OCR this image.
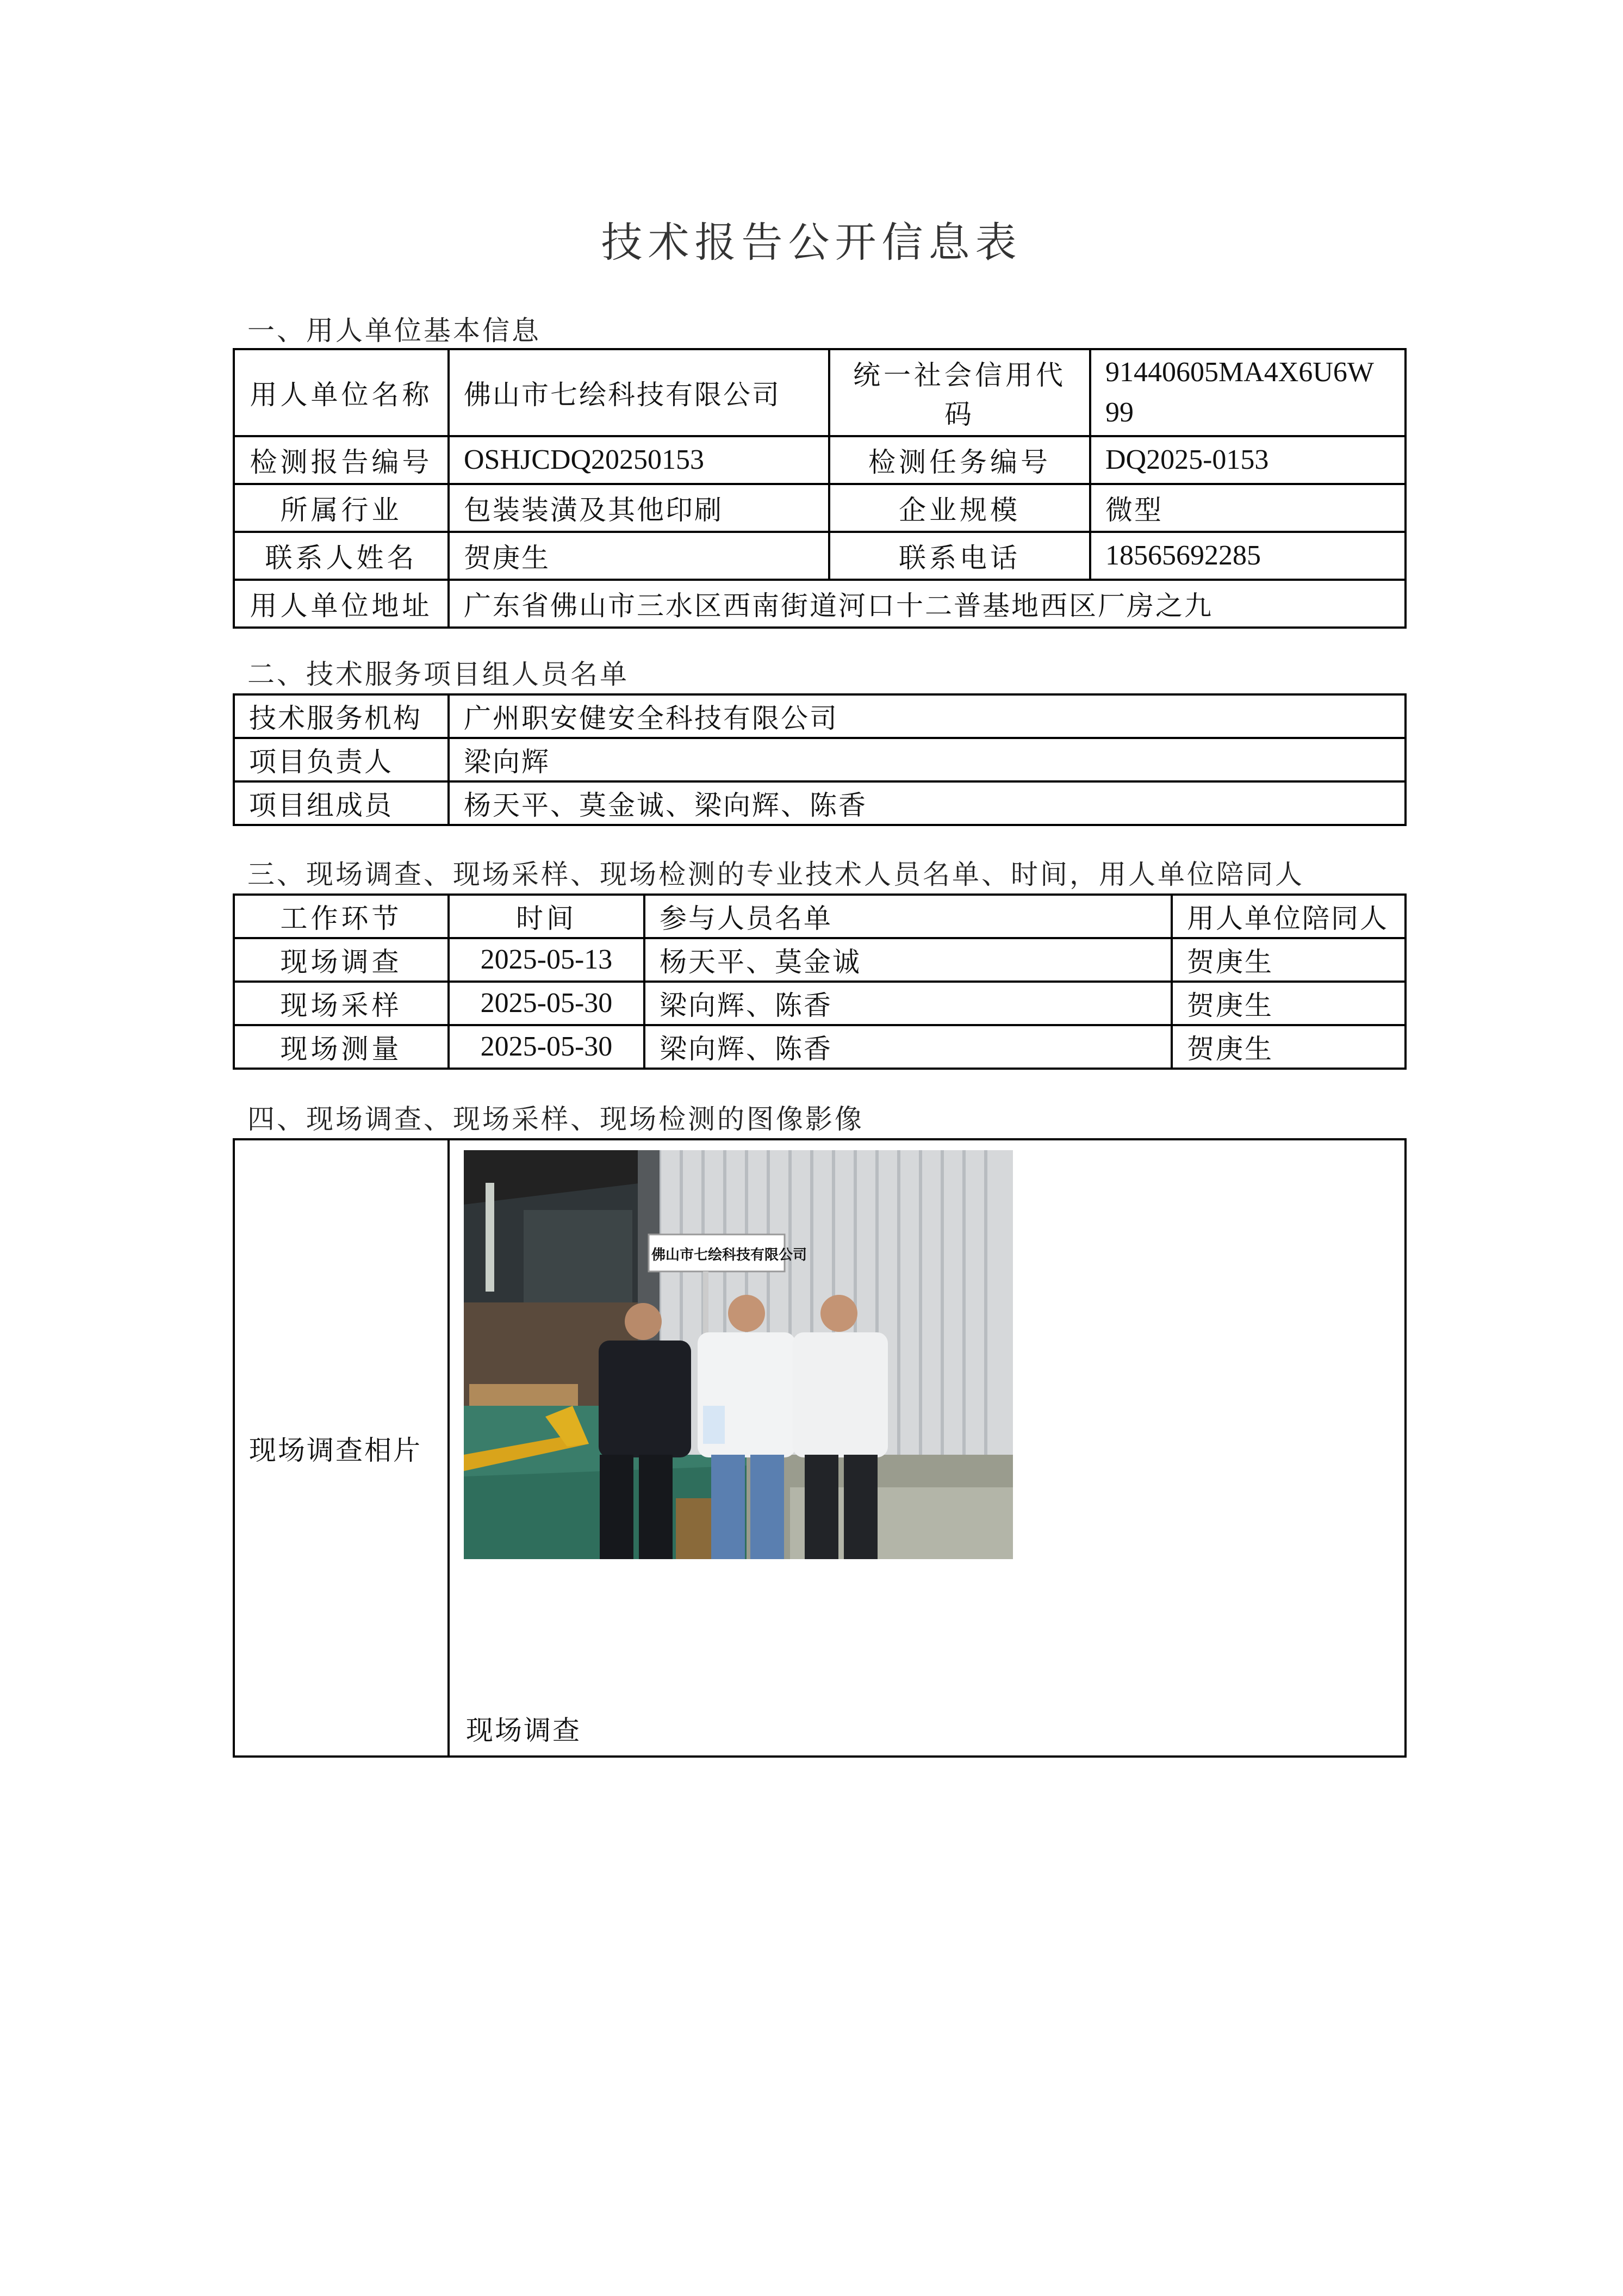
技术报告公开信息表
一、用人单位基本信息
用人单位名称	佛山市七绘科技有限公司	统一社会信用代码	91440605MA4X6U6W
99
检测报告编号	OSHJCDQ20250153	检测任务编号	DQ2025-0153
所属行业	包装装潢及其他印刷	企业规模	微型
联系人姓名	贺庚生	联系电话	18565692285
用人单位地址	广东省佛山市三水区西南街道河口十二普基地西区厂房之九		
二、技术服务项目组人员名单
技术服务机构	广州职安健安全科技有限公司
项目负责人	梁向辉
项目组成员	杨天平、莫金诚、梁向辉、陈香
三、现场调查、现场采样、现场检测的专业技术人员名单、时间，用人单位陪同人
工作环节	时间	参与人员名单	用人单位陪同人
现场调查	2025-05-13	杨天平、莫金诚	贺庚生
现场采样	2025-05-30	梁向辉、陈香	贺庚生
现场测量	2025-05-30	梁向辉、陈香	贺庚生
四、现场调查、现场采样、现场检测的图像影像
现场调查相片	
佛山市七绘科技有限公司
现场调查
